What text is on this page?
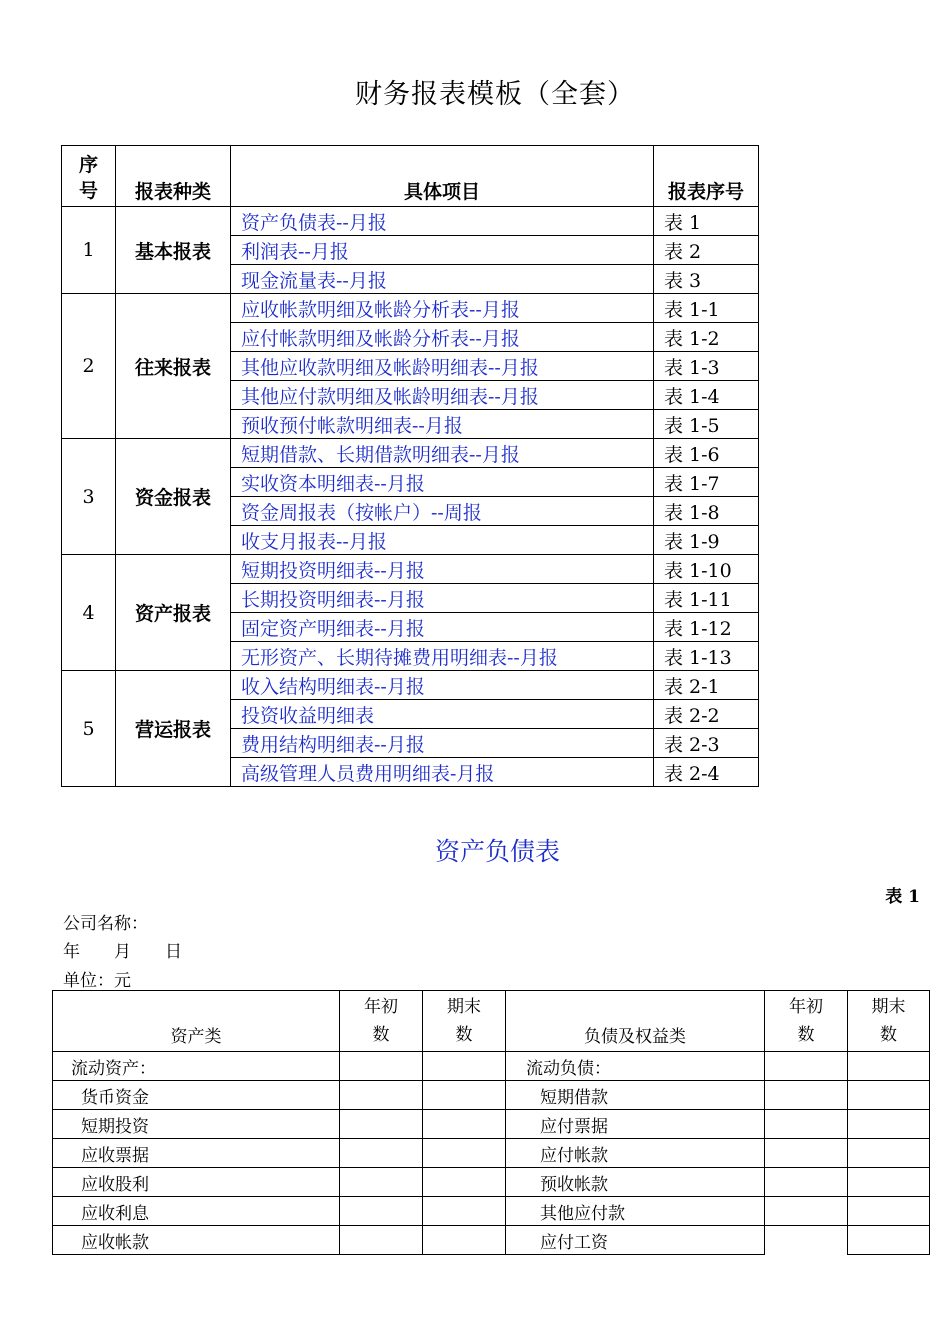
财务报表模板（全套）
序
号	报表种类	具体项目	报表序号
1	基本报表	资产负债表--月报	表 1
		利润表--月报	表 2
		现金流量表--月报	表 3
2	往来报表	应收帐款明细及帐龄分析表--月报	表 1-1
		应付帐款明细及帐龄分析表--月报	表 1-2
		其他应收款明细及帐龄明细表--月报	表 1-3
		其他应付款明细及帐龄明细表--月报	表 1-4
		预收预付帐款明细表--月报	表 1-5
3	资金报表	短期借款、长期借款明细表--月报	表 1-6
		实收资本明细表--月报	表 1-7
		资金周报表（按帐户）--周报	表 1-8
		收支月报表--月报	表 1-9
4	资产报表	短期投资明细表--月报	表 1-10
		长期投资明细表--月报	表 1-11
		固定资产明细表--月报	表 1-12
		无形资产、长期待摊费用明细表--月报	表 1-13
5	营运报表	收入结构明细表--月报	表 2-1
		投资收益明细表	表 2-2
		费用结构明细表--月报	表 2-3
		高级管理人员费用明细表-月报	表 2-4
资产负债表
表 1
公司名称：
年　　月　　日
单位：元
资产类	年初数	期末数	负债及权益类	年初数	期末数
流动资产：			流动负债：		
货币资金			短期借款		
短期投资			应付票据		
应收票据			应付帐款		
应收股利			预收帐款		
应收利息			其他应付款		
应收帐款			应付工资		
